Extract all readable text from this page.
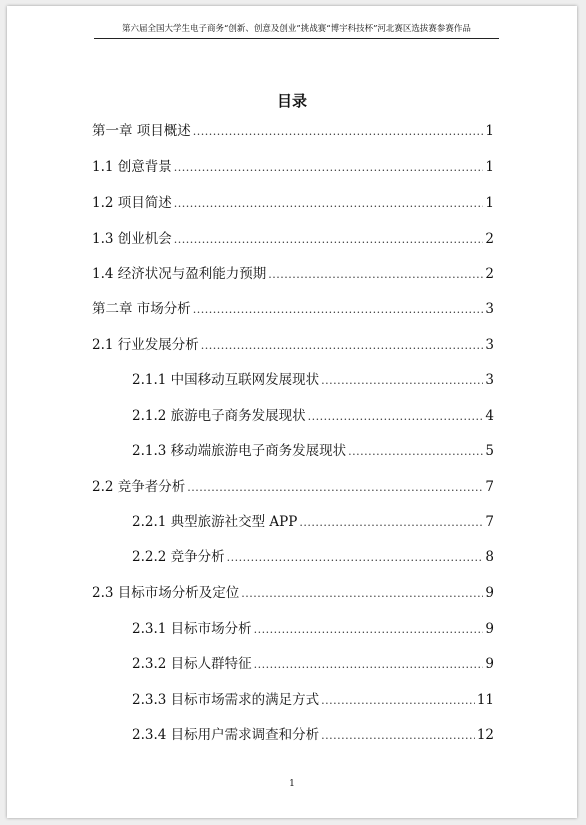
第六届全国大学生电子商务“创新、创意及创业”挑战赛“博宇科技杯”河北赛区选拔赛参赛作品
目录
第一章 项目概述 .....	1
1.1 创意背景 .....	1
1.2 项目简述 .....	1
1.3 创业机会 .....	2
1.4 经济状况与盈利能力预期 .....	2
第二章 市场分析 .....	3
2.1 行业发展分析 .....	3
2.1.1 中国移动互联网发展现状 .....	3
2.1.2 旅游电子商务发展现状 .....	4
2.1.3 移动端旅游电子商务发展现状 .....	5
2.2 竞争者分析 .....	7
2.2.1 典型旅游社交型 APP .....	7
2.2.2 竞争分析 .....	8
2.3 目标市场分析及定位 .....	9
2.3.1 目标市场分析 .....	9
2.3.2 目标人群特征 .....	9
2.3.3 目标市场需求的满足方式 .....	11
2.3.4 目标用户需求调查和分析 .....	12
1
